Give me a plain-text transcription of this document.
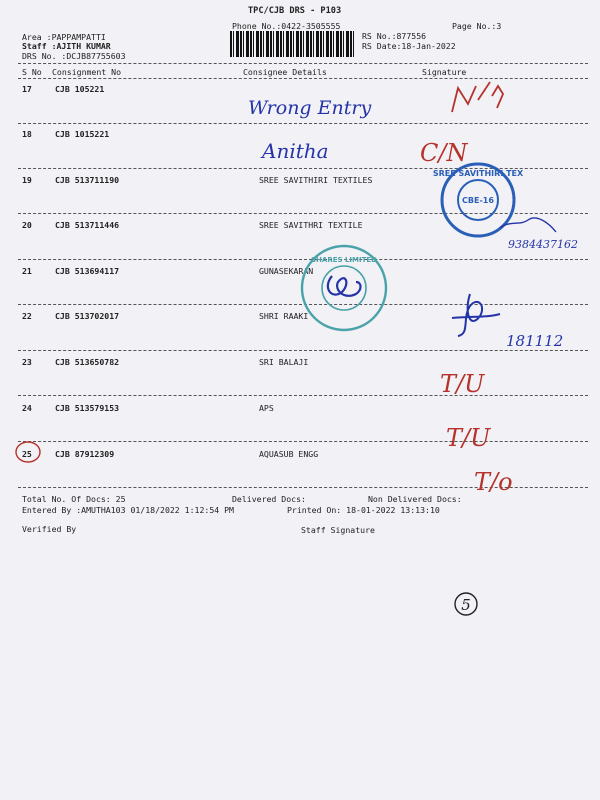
TPC/CJB DRS - P103
Phone No.:0422-3505555	Page No.:3
Area :PAPPAMPATTI
Staff :AJITH KUMAR
DRS No. :DCJB87755603
RS No.:877556
RS Date:18-Jan-2022
S No Consignment No	Consignee Details	Signature
17	CJB 105221
18	CJB 1015221
19	CJB 513711190	SREE SAVITHIRI TEXTILES
20	CJB 513711446	SREE SAVITHRI TEXTILE
21	CJB 513694117	GUNASEKARAN
22	CJB 513702017	SHRI RAAKI
23	CJB 513650782	SRI BALAJI
24	CJB 513579153	APS
25	CJB 87912309	AQUASUB ENGG
Total No. Of Docs: 25	Delivered Docs:	Non Delivered Docs:
Entered By :AMUTHA103 01/18/2022 1:12:54 PM	Printed On: 18-01-2022 13:13:10
Verified By	Staff Signature
Wrong Entry
Anitha	C/N
SREE SAVITHIRI TEX
CBE-16
9384437162
SHARES LIMITED
181112
T/U
T/U
T/o
5
